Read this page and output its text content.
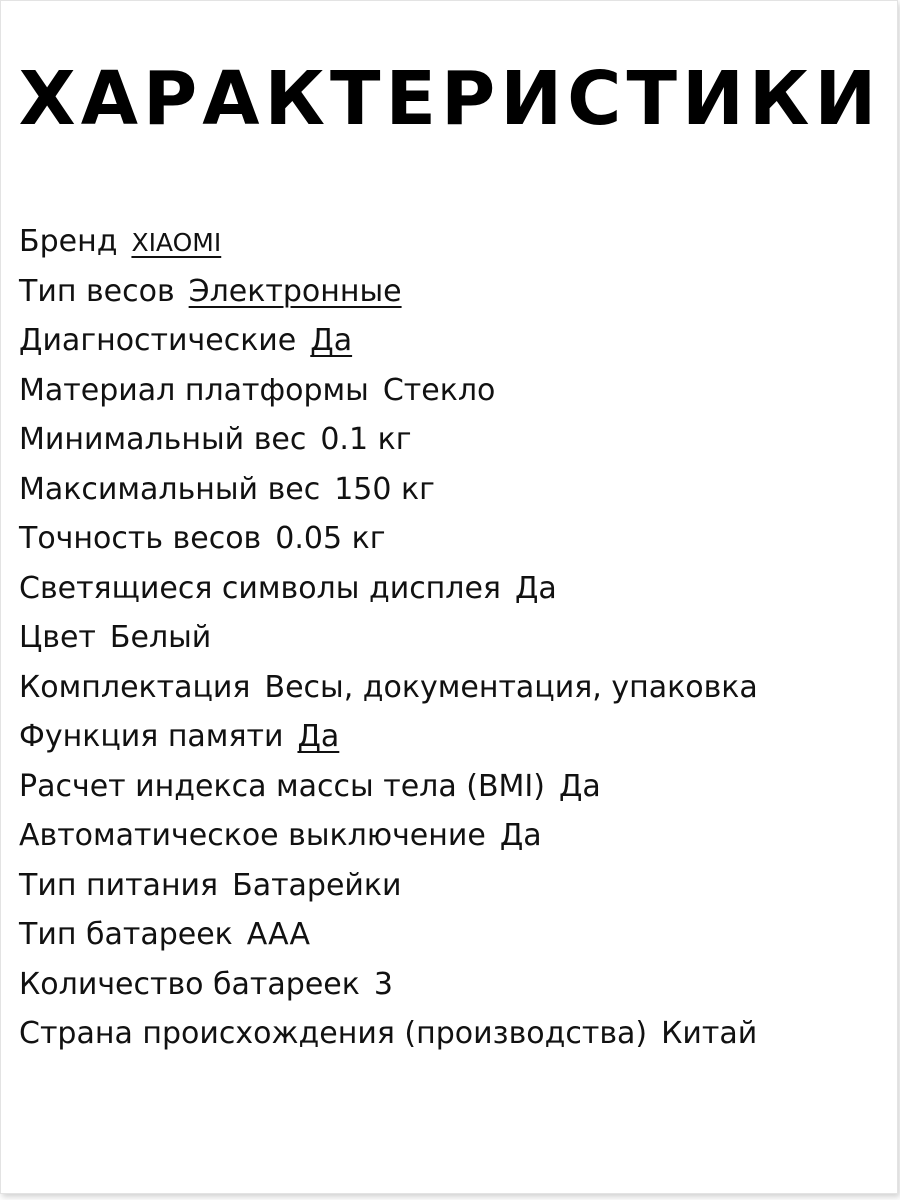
ХАРАКТЕРИСТИКИ
Бренд XIAOMI
Тип весов Электронные
Диагностические Да
Материал платформы Стекло
Минимальный вес 0.1 кг
Максимальный вес 150 кг
Точность весов 0.05 кг
Светящиеся символы дисплея Да
Цвет Белый
Комплектация Весы, документация, упаковка
Функция памяти Да
Расчет индекса массы тела (BMI) Да
Автоматическое выключение Да
Тип питания Батарейки
Тип батареек AAA
Количество батареек 3
Страна происхождения (производства) Китай
